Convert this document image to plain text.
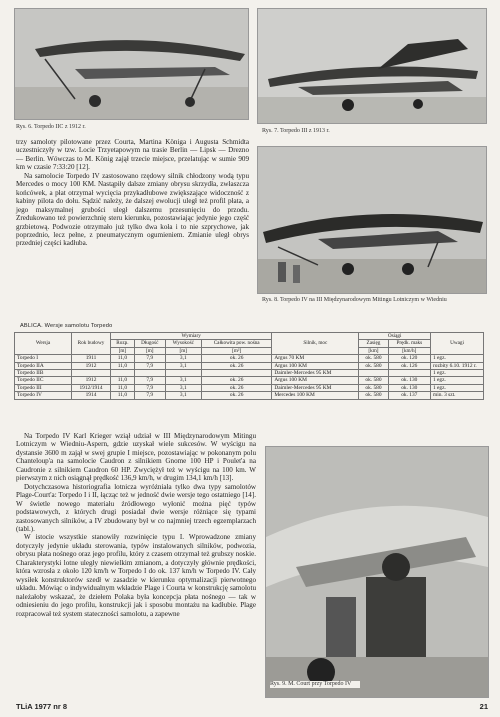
Rys. 6. Torpedo IIC z 1912 r.
Rys. 7. Torpedo III z 1913 r.
Rys. 8. Torpedo IV na III Międzynarodowym Mitingu Lotniczym w Wiedniu

trzy samoloty pilotowane przez Courta, Martina Königa i Augusta Schmidta uczestniczyły w tzw. Locie Trzyetapowym na trasie Berlin — Lipsk — Drezno — Berlin. Wówczas to M. König zajął trzecie miejsce, przelatując w sumie 909 km w czasie 7:33:20 [12].

Na samolocie Torpedo IV zastosowano rzędowy silnik chłodzony wodą typu Mercedes o mocy 100 KM. Nastąpiły dalsze zmiany obrysu skrzydła, zwłaszcza końcówek, a płat otrzymał wycięcia przykadłubowe zwiększające widoczność z kabiny pilota do dołu. Sądzić należy, że dalszej ewolucji uległ też profil płata, a jego maksymalnej grubości uległ dalszemu przesunięciu do przodu. Zredukowano też powierzchnię steru kierunku, pozostawiając jedynie jego część grzbietową. Podwozie otrzymało już tylko dwa koła i to nie szprychowe, jak poprzednio, lecz pełne, z pneumatycznym ogumieniem. Zmianie uległ obrys przedniej części kadłuba.

ABLICA. Wersje samolotu Torpedo
Wersja	Rok budowy	Wymiary				Silnik, moc	Osiągi		Uwagi
		Rozp.	Długość	Wysokość	Całkowita pow. nośna		Zasięg	Prędk. maks	
		[m]	[m]	[m]	[m²]		[km]	[km/h]	
Torpedo I	1911	11,0	7,9	3,1	ok. 26	Argus 70 KM	ok. 580	ok. 120	1 egz.
Torpedo IIA	1912	11,0	7,9	3,1	ok. 26	Argus 100 KM	ok. 580	ok. 126	rozbity 6.10. 1912 r.
Torpedo IIB						Daimler-Mercedes 95 KM			1 egz.
Torpedo IIC	1912	11,0	7,9	3,1	ok. 26	Argus 100 KM	ok. 580	ok. 130	1 egz.
Torpedo III	1912/1914	11,0	7,9	3,1	ok. 26	Daimler-Mercedes 95 KM	ok. 580	ok. 130	1 egz.
Torpedo IV	1914	11,0	7,9	3,1	ok. 26	Mercedes 100 KM	ok. 580	ok. 137	min. 3 szt.

Na Torpedo IV Karl Krieger wziął udział w III Międzynarodowym Mitingu Lotniczym w Wiedniu-Aspern, gdzie uzyskał wiele sukcesów. W wyścigu na dystansie 3600 m zajął w swej grupie I miejsce, pozostawiając w pokonanym polu Chanteloup'a na samolocie Caudron z silnikiem Gnome 100 HP i Poulet'a na Caudronie z silnikiem Caudron 60 HP. Zwyciężył też w wyścigu na 100 km. W pierwszym z nich osiągnął prędkość 136,9 km/h, w drugim 134,1 km/h [13].

Dotychczasowa historiografia lotnicza wyróżniała tylko dwa typy samolotów Plage-Court'a: Torpedo I i II, łącząc też w jedność dwie wersje tego ostatniego [14]. W świetle nowego materiału źródłowego wyłonić można pięć typów podstawowych, z których drugi posiadał dwie wersje różniące się typami zastosowanych silników, a IV zbudowany był w co najmniej trzech egzemplarzach (tabl.).

W istocie wszystkie stanowiły rozwinięcie typu I. Wprowadzone zmiany dotyczyły jedynie układu sterowania, typów instalowanych silników, podwozia, obrysu płata nośnego oraz jego profilu, który z czasem otrzymał też grubszy noskie. Charakterystyki lotne uległy niewielkim zmianom, a dotyczyły głównie prędkości, która wzrosła z około 120 km/h w Torpedo I do ok. 137 km/h w Torpedo IV. Cały wysiłek konstruktorów szedł w zasadzie w kierunku optymalizacji pierwotnego układu. Mówiąc o indywidualnym wkładzie Plage i Courta w konstrukcję samolotu należałoby wskazać, że dziełem Polaka była koncepcja płata nośnego — tak w odniesieniu do jego profilu, konstrukcji jak i sposobu montażu na kadłubie. Plage rozpracował też system stateczności samolotu, a zapewne

Rys. 9. M. Court przy Torpedo IV
TLiA 1977 nr 8	21
